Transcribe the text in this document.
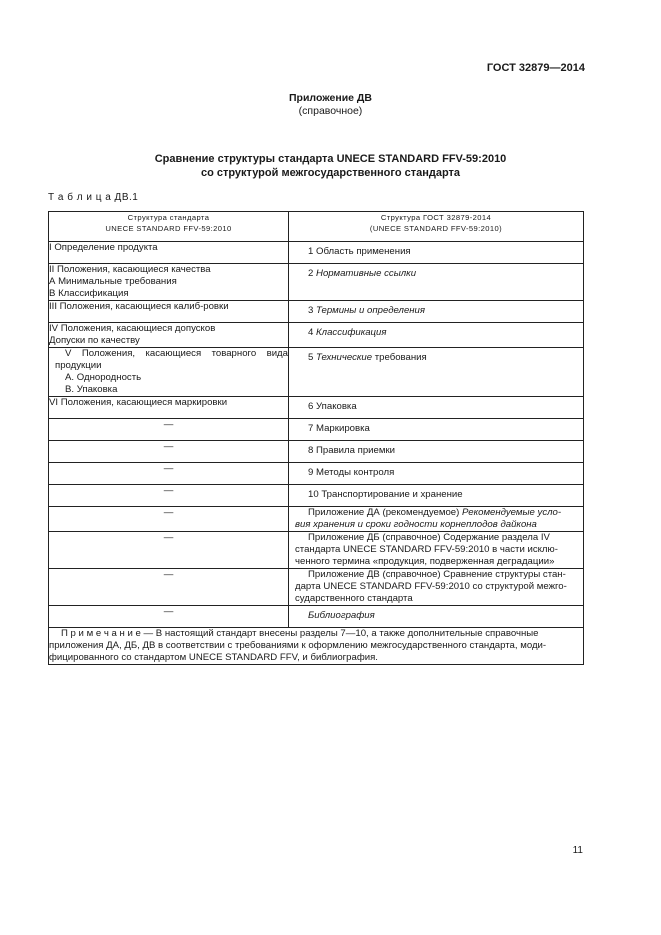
ГОСТ 32879—2014
Приложение ДВ
(справочное)
Сравнение структуры стандарта UNECE STANDARD FFV-59:2010
со структурой межгосударственного стандарта
Т а б л и ц а ДВ.1
Структура стандарта
UNECE STANDARD FFV-59:2010	Структура ГОСТ 32879-2014
(UNECE STANDARD FFV-59:2010)

I Определение продукта	1 Область применения

II Положения, касающиеся качества
А Минимальные требования
В Классификация	2 Нормативные ссылки

III Положения, касающиеся калиб-ровки	3 Термины и определения

IV Положения, касающиеся допусков
Допуски по качеству	4 Классификация

V Положения, касающиеся товарного вида
продукции
A. Однородность
B. Упаковка	5 Технические требования

VI Положения, касающиеся маркировки	6 Упаковка
—	7 Маркировка
—	8 Правила приемки
—	9 Методы контроля
—	10 Транспортирование и хранение
—	Приложение ДА (рекомендуемое) Рекомендуемые усло-
вия хранения и сроки годности корнеплодов дайкона

—	Приложение ДБ (справочное) Содержание раздела IV
стандарта UNECE STANDARD FFV-59:2010 в части исклю-
ченного термина «продукция, подверженная деградации»

—	Приложение ДВ (справочное) Сравнение структуры стан-
дарта UNECE STANDARD FFV-59:2010 со структурой межго-
сударственного стандарта

—	Библиография

П р и м е ч а н и е — В настоящий стандарт внесены разделы 7—10, а также дополнительные справочные
приложения ДА, ДБ, ДВ в соответствии с требованиями к оформлению межгосударственного стандарта, моди-
фицированного со стандартом UNECE STANDARD FFV, и библиография.	
11
